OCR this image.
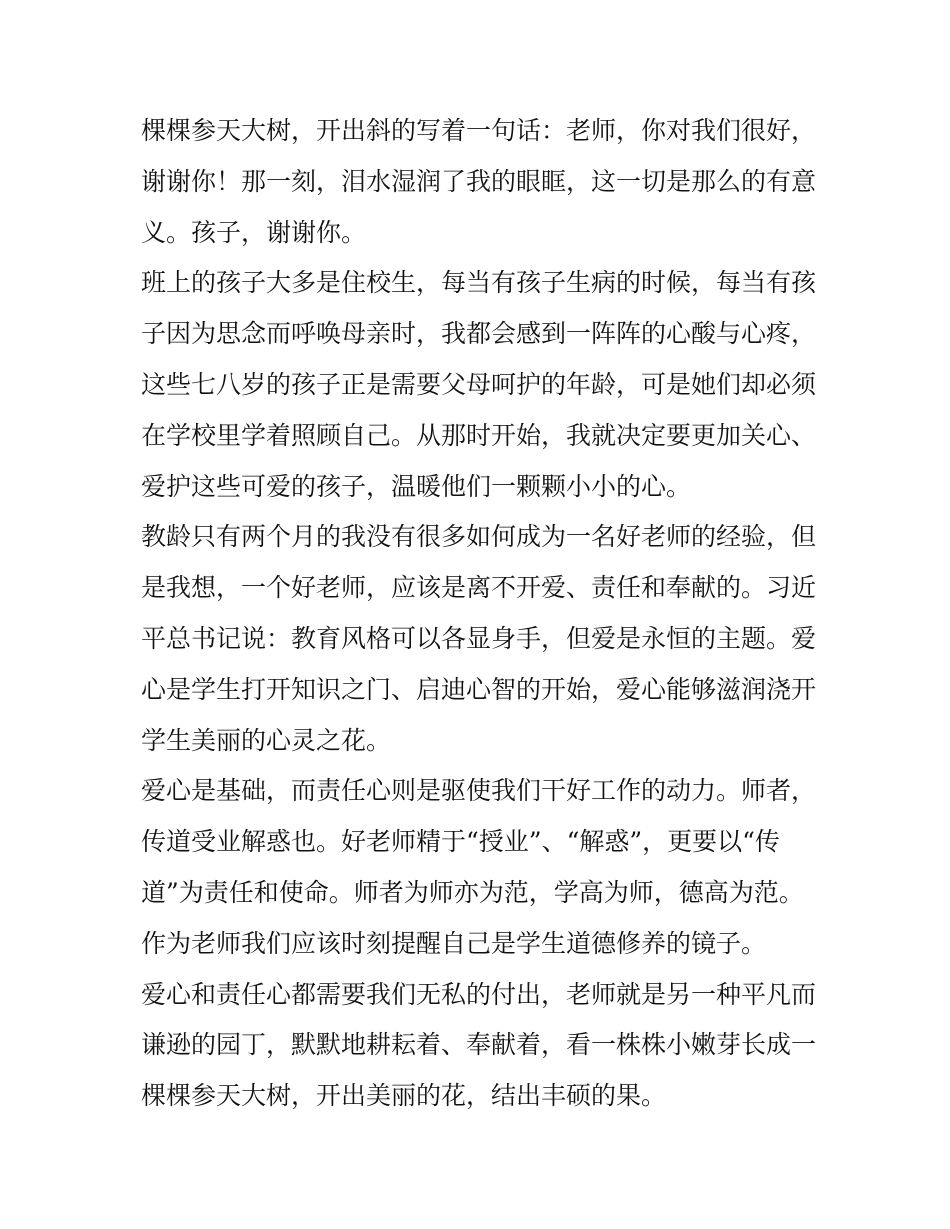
棵棵参天大树，开出斜的写着一句话：老师，你对我们很好，
谢谢你！那一刻，泪水湿润了我的眼眶，这一切是那么的有意
义。孩子，谢谢你。
班上的孩子大多是住校生，每当有孩子生病的时候，每当有孩
子因为思念而呼唤母亲时，我都会感到一阵阵的心酸与心疼，
这些七八岁的孩子正是需要父母呵护的年龄，可是她们却必须
在学校里学着照顾自己。从那时开始，我就决定要更加关心、
爱护这些可爱的孩子，温暖他们一颗颗小小的心。
教龄只有两个月的我没有很多如何成为一名好老师的经验，但
是我想，一个好老师，应该是离不开爱、责任和奉献的。习近
平总书记说：教育风格可以各显身手，但爱是永恒的主题。爱
心是学生打开知识之门、启迪心智的开始，爱心能够滋润浇开
学生美丽的心灵之花。
爱心是基础，而责任心则是驱使我们干好工作的动力。师者，
传道受业解惑也。好老师精于“授业”、“解惑”，更要以“传
道”为责任和使命。师者为师亦为范，学高为师，德高为范。
作为老师我们应该时刻提醒自己是学生道德修养的镜子。
爱心和责任心都需要我们无私的付出，老师就是另一种平凡而
谦逊的园丁，默默地耕耘着、奉献着，看一株株小嫩芽长成一
棵棵参天大树，开出美丽的花，结出丰硕的果。
